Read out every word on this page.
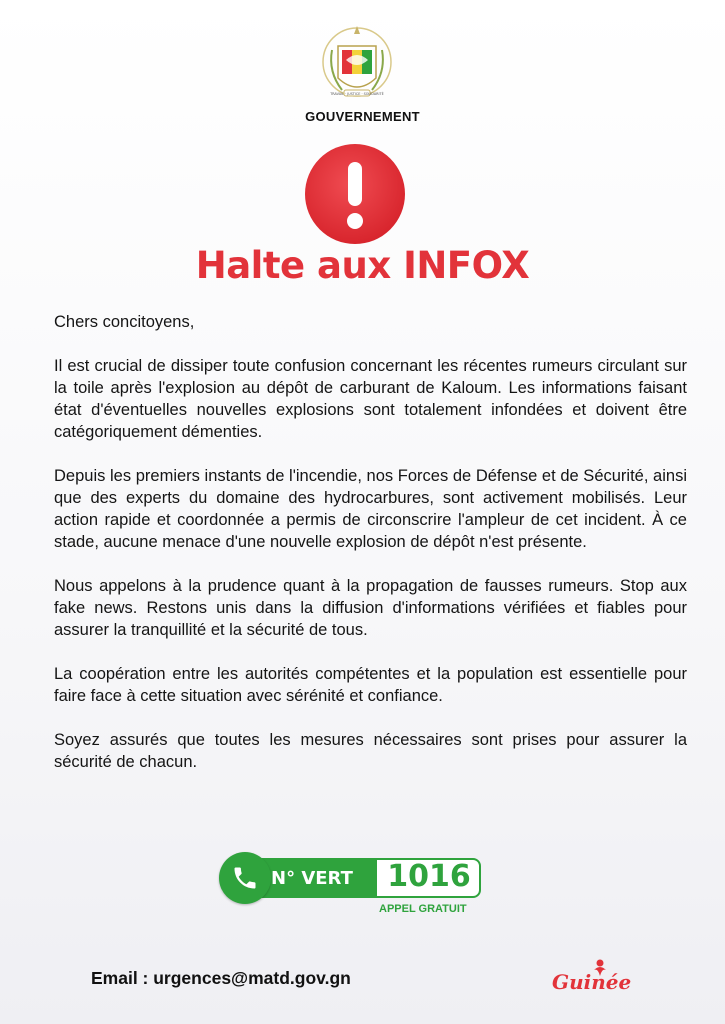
TRAVAIL · JUSTICE · SOLIDARITÉ
GOUVERNEMENT
Halte aux INFOX
Chers concitoyens,

Il est crucial de dissiper toute confusion concernant les récentes rumeurs circulant sur la toile après l'explosion au dépôt de carburant de Kaloum. Les informations faisant état d'éventuelles nouvelles explosions sont totalement infondées et doivent être catégoriquement démenties.

Depuis les premiers instants de l'incendie, nos Forces de Défense et de Sécurité, ainsi que des experts du domaine des hydrocarbures, sont activement mobilisés. Leur action rapide et coordonnée a permis de circonscrire l'ampleur de cet incident. À ce stade, aucune menace d'une nouvelle explosion de dépôt n'est présente.

Nous appelons à la prudence quant à la propagation de fausses rumeurs. Stop aux fake news. Restons unis dans la diffusion d'informations vérifiées et fiables pour assurer la tranquillité et la sécurité de tous.

La coopération entre les autorités compétentes et la population est essentielle pour faire face à cette situation avec sérénité et confiance.

Soyez assurés que toutes les mesures nécessaires sont prises pour assurer la sécurité de chacun.

N° VERT 1016
APPEL GRATUIT
Email : urgences@matd.gov.gn	Guinée
